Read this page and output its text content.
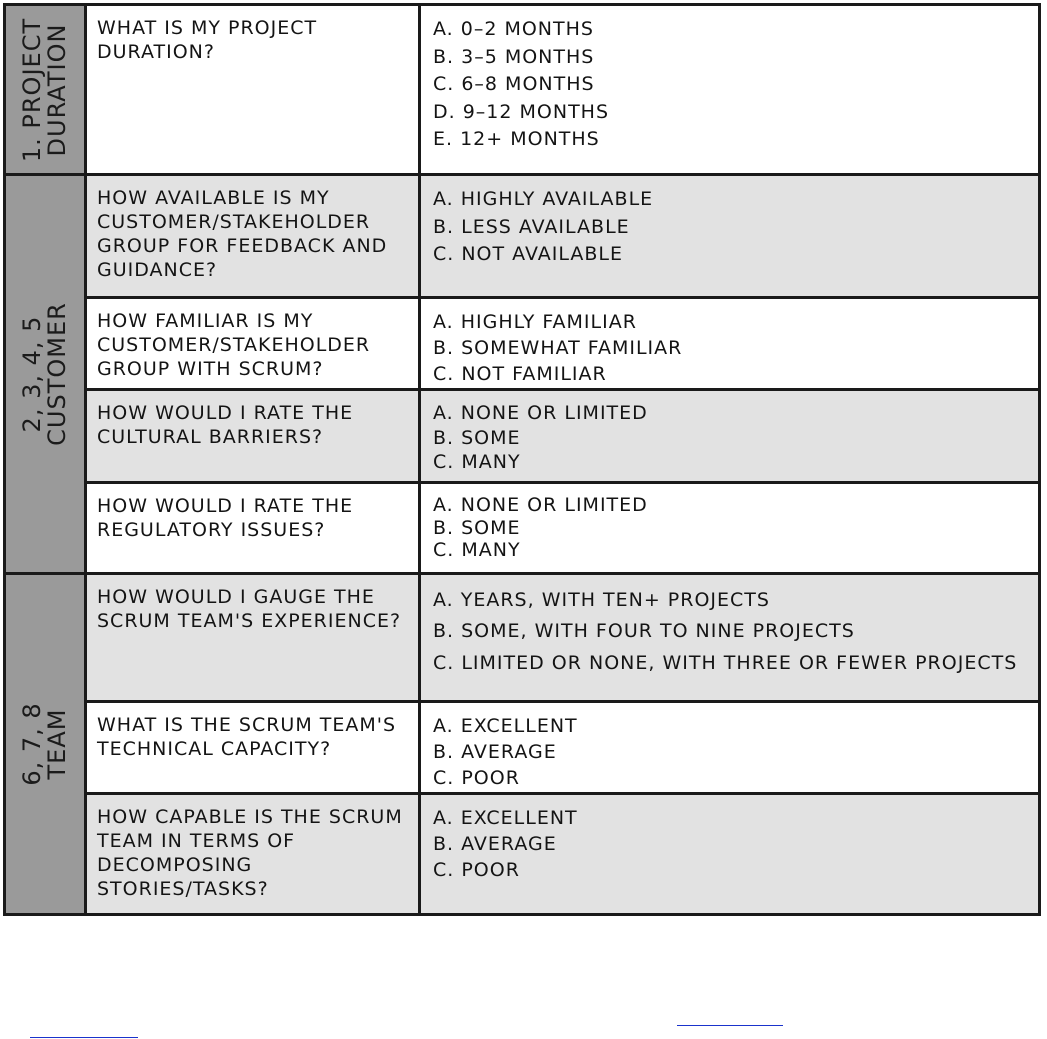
1. PROJECT
DURATION
2, 3, 4, 5
CUSTOMER
6, 7, 8
TEAM
WHAT IS MY PROJECT DURATION?
A. 0–2 MONTHS
B. 3–5 MONTHS
C. 6–8 MONTHS
D. 9–12 MONTHS
E. 12+ MONTHS
HOW AVAILABLE IS MY CUSTOMER/STAKEHOLDER GROUP FOR FEEDBACK AND GUIDANCE?
A. HIGHLY AVAILABLE
B. LESS AVAILABLE
C. NOT AVAILABLE
HOW FAMILIAR IS MY CUSTOMER/STAKEHOLDER GROUP WITH SCRUM?
A. HIGHLY FAMILIAR
B. SOMEWHAT FAMILIAR
C. NOT FAMILIAR
HOW WOULD I RATE THE CULTURAL BARRIERS?
A. NONE OR LIMITED
B. SOME
C. MANY
HOW WOULD I RATE THE REGULATORY ISSUES?
A. NONE OR LIMITED
B. SOME
C. MANY
HOW WOULD I GAUGE THE SCRUM TEAM'S EXPERIENCE?
A. YEARS, WITH TEN+ PROJECTS
B. SOME, WITH FOUR TO NINE PROJECTS
C. LIMITED OR NONE, WITH THREE OR FEWER PROJECTS
WHAT IS THE SCRUM TEAM'S TECHNICAL CAPACITY?
A. EXCELLENT
B. AVERAGE
C. POOR
HOW CAPABLE IS THE SCRUM TEAM IN TERMS OF DECOMPOSING STORIES/TASKS?
A. EXCELLENT
B. AVERAGE
C. POOR
